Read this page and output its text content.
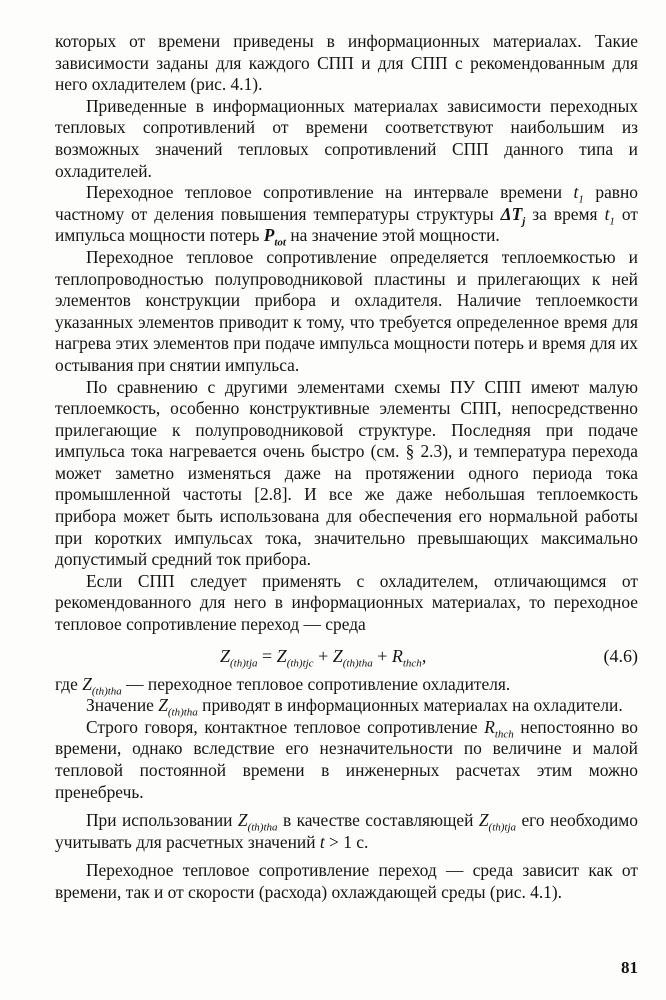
которых от времени приведены в информационных материалах. Такие зависимости заданы для каждого СПП и для СПП с рекомендованным для него охладителем (рис. 4.1).

Приведенные в информационных материалах зависимости переходных тепловых сопротивлений от времени соответствуют наибольшим из возможных значений тепловых сопротивлений СПП данного типа и охладителей.

Переходное тепловое сопротивление на интервале времени $t_1$ равно частному от деления повышения температуры структуры $\Delta T_j$ за время $t_1$ от импульса мощности потерь $P_{tot}$ на значение этой мощности.

Переходное тепловое сопротивление определяется теплоемкостью и теплопроводностью полупроводниковой пластины и прилегающих к ней элементов конструкции прибора и охладителя. Наличие теплоемкости указанных элементов приводит к тому, что требуется определенное время для нагрева этих элементов при подаче импульса мощности потерь и время для их остывания при снятии импульса.

По сравнению с другими элементами схемы ПУ СПП имеют малую теплоемкость, особенно конструктивные элементы СПП, непосредственно прилегающие к полупроводниковой структуре. Последняя при подаче импульса тока нагревается очень быстро (см. § 2.3), и температура перехода может заметно изменяться даже на протяжении одного периода тока промышленной частоты [2.8]. И все же даже небольшая теплоемкость прибора может быть использована для обеспечения его нормальной работы при коротких импульсах тока, значительно превышающих максимально допустимый средний ток прибора.

Если СПП следует применять с охладителем, отличающимся от рекомендованного для него в информационных материалах, то переходное тепловое сопротивление переход — среда

$Z_{(th)tja} = Z_{(th)tjc} + Z_{(th)tha} + R_{thch}$,	(4.6)

где $Z_{(th)tha}$ — переходное тепловое сопротивление охладителя.

Значение $Z_{(th)tha}$ приводят в информационных материалах на охладители.

Строго говоря, контактное тепловое сопротивление $R_{thch}$ непостоянно во времени, однако вследствие его незначительности по величине и малой тепловой постоянной времени в инженерных расчетах этим можно пренебречь.

При использовании $Z_{(th)tha}$ в качестве составляющей $Z_{(th)tja}$ его необходимо учитывать для расчетных значений t > 1 с.

Переходное тепловое сопротивление переход — среда зависит как от времени, так и от скорости (расхода) охлаждающей среды (рис. 4.1).

81
